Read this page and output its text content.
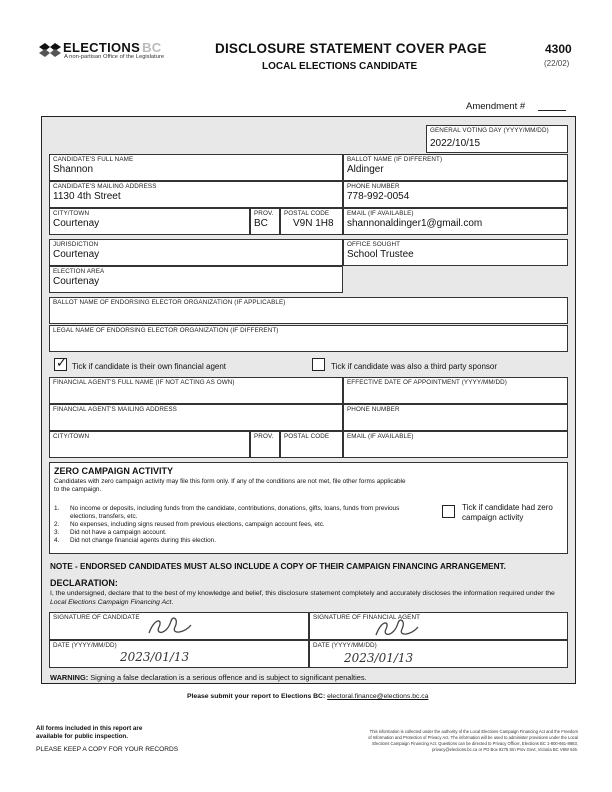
ELECTIONS BC
A non-partisan Office of the Legislature
DISCLOSURE STATEMENT COVER PAGE
LOCAL ELECTIONS CANDIDATE
4300
(22/02)
Amendment #
GENERAL VOTING DAY (YYYY/MM/DD)
2022/10/15
CANDIDATE'S FULL NAME
Shannon
BALLOT NAME (IF DIFFERENT)
Aldinger
CANDIDATE'S MAILING ADDRESS
1130 4th Street
PHONE NUMBER
778-992-0054
CITY/TOWN
Courtenay
PROV.
BC
POSTAL CODE
V9N 1H8
EMAIL (IF AVAILABLE)
shannonaldinger1@gmail.com
JURISDICTION
Courtenay
OFFICE SOUGHT
School Trustee
ELECTION AREA
Courtenay
BALLOT NAME OF ENDORSING ELECTOR ORGANIZATION (IF APPLICABLE)
LEGAL NAME OF ENDORSING ELECTOR ORGANIZATION (IF DIFFERENT)
✓ Tick if candidate is their own financial agent	Tick if candidate was also a third party sponsor
FINANCIAL AGENT'S FULL NAME (IF NOT ACTING AS OWN)	EFFECTIVE DATE OF APPOINTMENT (YYYY/MM/DD)
FINANCIAL AGENT'S MAILING ADDRESS	PHONE NUMBER
CITY/TOWN	PROV. POSTAL CODE	EMAIL (IF AVAILABLE)
ZERO CAMPAIGN ACTIVITY
Candidates with zero campaign activity may file this form only. If any of the conditions are not met, file other forms applicable to the campaign.
1.	No income or deposits, including funds from the candidate, contributions, donations, gifts, loans, funds from previous elections, transfers, etc.
2.	No expenses, including signs reused from previous elections, campaign account fees, etc.
3.	Did not have a campaign account.
4.	Did not change financial agents during this election.
Tick if candidate had zero campaign activity
NOTE - ENDORSED CANDIDATES MUST ALSO INCLUDE A COPY OF THEIR CAMPAIGN FINANCING ARRANGEMENT.
DECLARATION:
I, the undersigned, declare that to the best of my knowledge and belief, this disclosure statement completely and accurately discloses the information required under the Local Elections Campaign Financing Act.
SIGNATURE OF CANDIDATE	SIGNATURE OF FINANCIAL AGENT
DATE (YYYY/MM/DD)
2023/01/13
DATE (YYYY/MM/DD)
2023/01/13
WARNING: Signing a false declaration is a serious offence and is subject to significant penalties.
Please submit your report to Elections BC: electoral.finance@elections.bc.ca
All forms included in this report are
available for public inspection.
PLEASE KEEP A COPY FOR YOUR RECORDS
This information is collected under the authority of the Local Elections Campaign Financing Act and the Freedom
of Information and Protection of Privacy Act. The information will be used to administer provisions under the Local
Elections Campaign Financing Act. Questions can be directed to Privacy Officer, Elections BC 1-800-661-8683,
privacy@elections.bc.ca or PO Box 9275 Stn Prov Govt, Victoria BC V8W 9J6.
